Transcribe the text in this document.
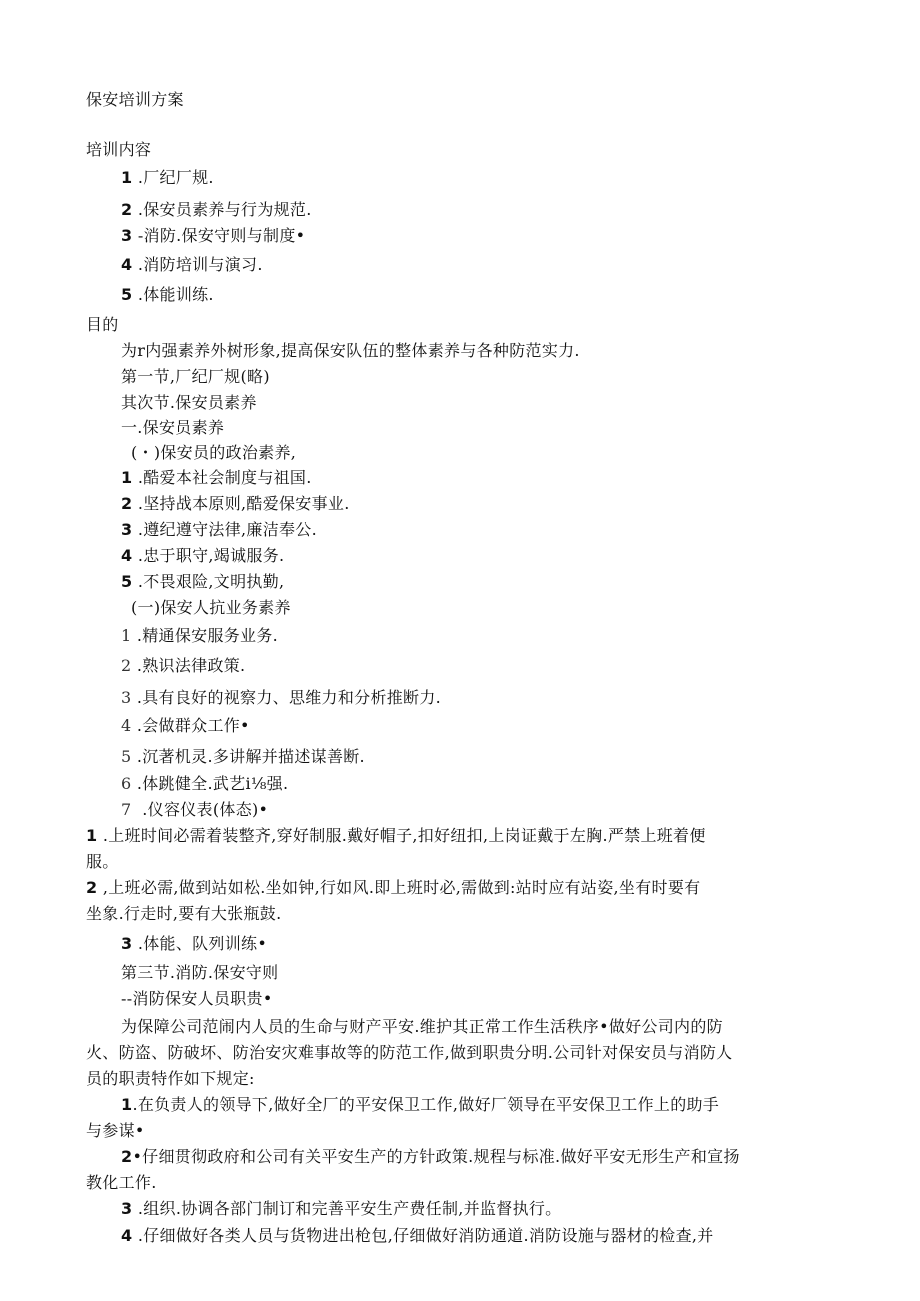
保安培训方案
培训内容
1 .厂纪厂规.
2 .保安员素养与行为规范.
3 -消防.保安守则与制度•
4 .消防培训与演习.
5 .体能训练.
目的
为r内强素养外树形象,提高保安队伍的整体素养与各种防范实力.
第一节,厂纪厂规(略)
其次节.保安员素养
一.保安员素养
(・)保安员的政治素养,
1 .酷爱本社会制度与祖国.
2 .坚持战本原则,酷爱保安事业.
3 .遵纪遵守法律,廉洁奉公.
4 .忠于职守,竭诚服务.
5 .不畏艰险,文明执勤,
(一)保安人抗业务素养
1 .精通保安服务业务.
2 .熟识法律政策.
3 .具有良好的视察力、思维力和分析推断力.
4 .会做群众工作•
5 .沉著机灵.多讲解并描述谋善断.
6 .体跳健全.武艺i⅛强.
7 .仪容仪表(体态)•
1 .上班时间必需着装整齐,穿好制服.戴好帽子,扣好纽扣,上岗证戴于左胸.严禁上班着便
服。
2 ,上班必需,做到站如松.坐如钟,行如风.即上班时必,需做到:站时应有站姿,坐有时要有
坐象.行走时,要有大张瓶鼓.
3 .体能、队列训练•
第三节.消防.保安守则
--消防保安人员职贵•
为保障公司范闹内人员的生命与财产平安.维护其正常工作生活秩序•做好公司内的防
火、防盗、防破坏、防治安灾难事故等的防范工作,做到职贵分明.公司针对保安员与消防人
员的职责特作如下规定:
1.在负责人的领导下,做好全厂的平安保卫工作,做好厂领导在平安保卫工作上的助手
与参谋•
2•仔细贯彻政府和公司有关平安生产的方针政策.规程与标准.做好平安无形生产和宣扬
教化工作.
3 .组织.协调各部门制订和完善平安生产费任制,并监督执行。
4 .仔细做好各类人员与货物进出枪包,仔细做好消防通道.消防设施与器材的检查,并
